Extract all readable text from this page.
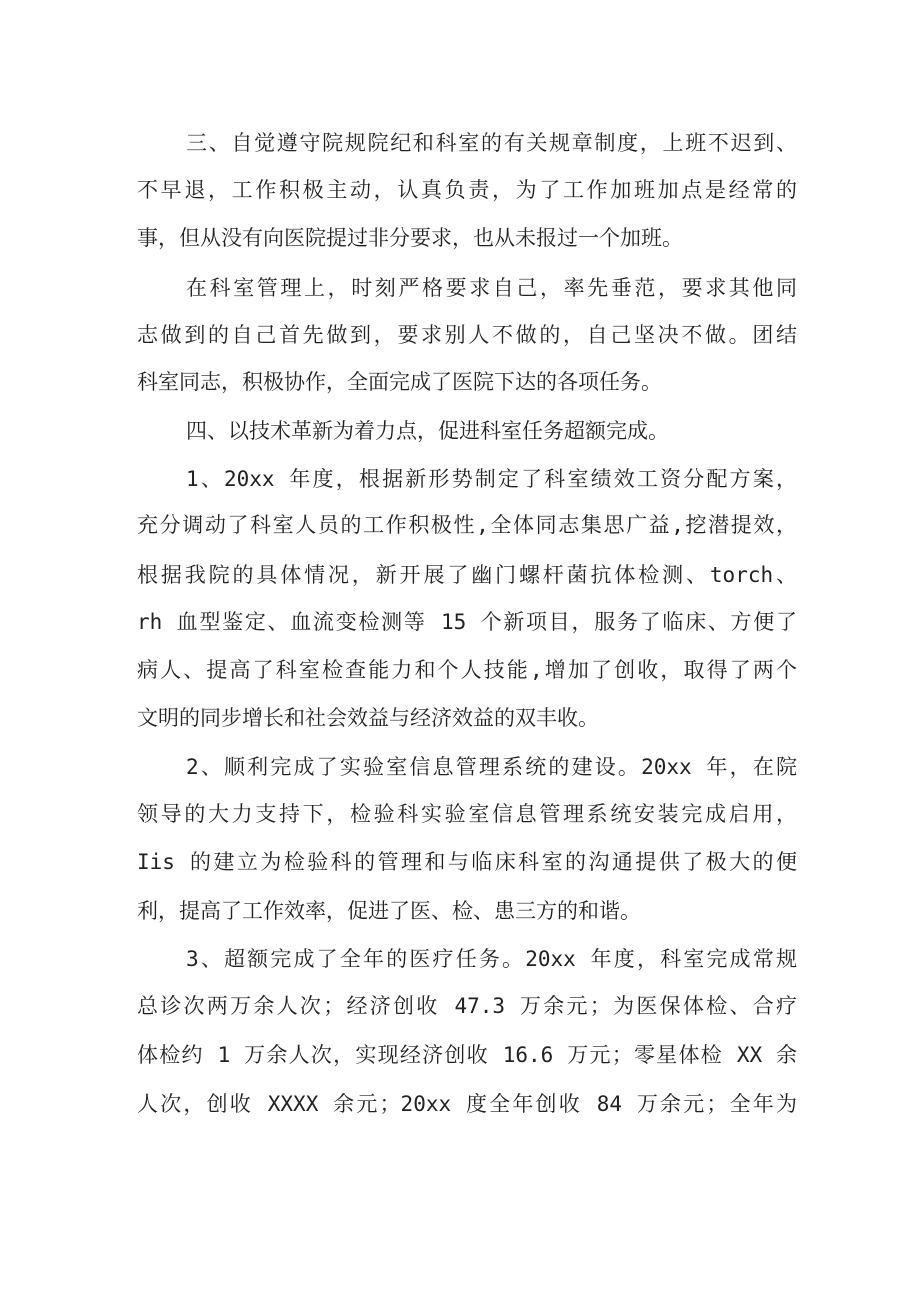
三、自觉遵守院规院纪和科室的有关规章制度，上班不迟到、
不早退，工作积极主动，认真负责，为了工作加班加点是经常的
事，但从没有向医院提过非分要求，也从未报过一个加班。
在科室管理上，时刻严格要求自己，率先垂范，要求其他同
志做到的自己首先做到，要求别人不做的，自己坚决不做。团结
科室同志，积极协作，全面完成了医院下达的各项任务。
四、以技术革新为着力点，促进科室任务超额完成。
1、20xx 年度，根据新形势制定了科室绩效工资分配方案，
充分调动了科室人员的工作积极性,全体同志集思广益,挖潜提效，
根据我院的具体情况，新开展了幽门螺杆菌抗体检测、torch、
rh 血型鉴定、血流变检测等 15 个新项目，服务了临床、方便了
病人、提高了科室检查能力和个人技能,增加了创收，取得了两个
文明的同步增长和社会效益与经济效益的双丰收。
2、顺利完成了实验室信息管理系统的建设。20xx 年，在院
领导的大力支持下，检验科实验室信息管理系统安装完成启用，
Iis 的建立为检验科的管理和与临床科室的沟通提供了极大的便
利，提高了工作效率，促进了医、检、患三方的和谐。
3、超额完成了全年的医疗任务。20xx 年度，科室完成常规
总诊次两万余人次；经济创收 47.3 万余元；为医保体检、合疗
体检约 1 万余人次，实现经济创收 16.6 万元；零星体检 XX 余
人次，创收 XXXX 余元；20xx 度全年创收 84 万余元；全年为
